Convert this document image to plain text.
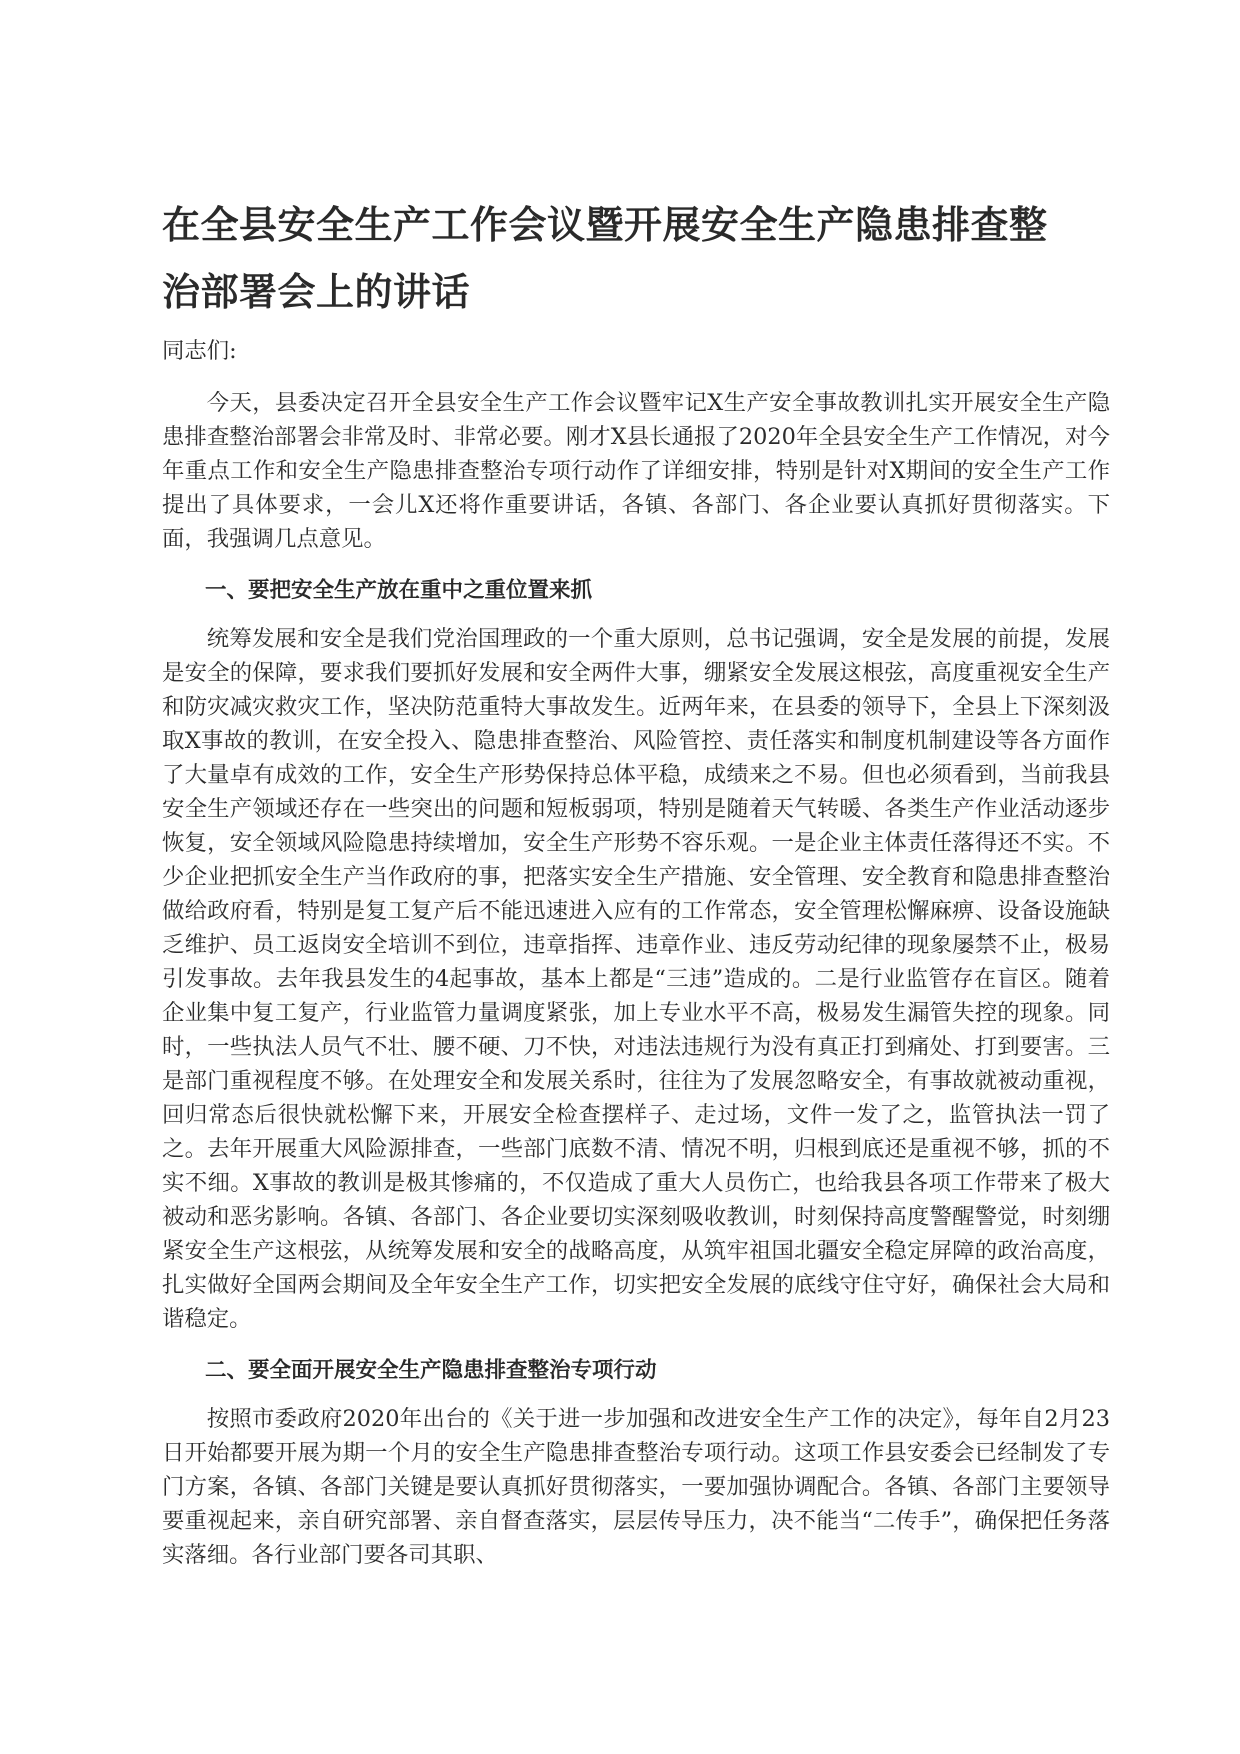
在全县安全生产工作会议暨开展安全生产隐患排查整治部署会上的讲话

同志们:

今天，县委决定召开全县安全生产工作会议暨牢记X生产安全事故教训扎实开展安全生产隐患排查整治部署会非常及时、非常必要。刚才X县长通报了2020年全县安全生产工作情况，对今年重点工作和安全生产隐患排查整治专项行动作了详细安排，特别是针对X期间的安全生产工作提出了具体要求，一会儿X还将作重要讲话，各镇、各部门、各企业要认真抓好贯彻落实。下面，我强调几点意见。

一、要把安全生产放在重中之重位置来抓

统筹发展和安全是我们党治国理政的一个重大原则，总书记强调，安全是发展的前提，发展是安全的保障，要求我们要抓好发展和安全两件大事，绷紧安全发展这根弦，高度重视安全生产和防灾减灾救灾工作，坚决防范重特大事故发生。近两年来，在县委的领导下，全县上下深刻汲取X事故的教训，在安全投入、隐患排查整治、风险管控、责任落实和制度机制建设等各方面作了大量卓有成效的工作，安全生产形势保持总体平稳，成绩来之不易。但也必须看到，当前我县安全生产领域还存在一些突出的问题和短板弱项，特别是随着天气转暖、各类生产作业活动逐步恢复，安全领域风险隐患持续增加，安全生产形势不容乐观。一是企业主体责任落得还不实。不少企业把抓安全生产当作政府的事，把落实安全生产措施、安全管理、安全教育和隐患排查整治做给政府看，特别是复工复产后不能迅速进入应有的工作常态，安全管理松懈麻痹、设备设施缺乏维护、员工返岗安全培训不到位，违章指挥、违章作业、违反劳动纪律的现象屡禁不止，极易引发事故。去年我县发生的4起事故，基本上都是“三违”造成的。二是行业监管存在盲区。随着企业集中复工复产，行业监管力量调度紧张，加上专业水平不高，极易发生漏管失控的现象。同时，一些执法人员气不壮、腰不硬、刀不快，对违法违规行为没有真正打到痛处、打到要害。三是部门重视程度不够。在处理安全和发展关系时，往往为了发展忽略安全，有事故就被动重视，回归常态后很快就松懈下来，开展安全检查摆样子、走过场，文件一发了之，监管执法一罚了之。去年开展重大风险源排查，一些部门底数不清、情况不明，归根到底还是重视不够，抓的不实不细。X事故的教训是极其惨痛的，不仅造成了重大人员伤亡，也给我县各项工作带来了极大被动和恶劣影响。各镇、各部门、各企业要切实深刻吸收教训，时刻保持高度警醒警觉，时刻绷紧安全生产这根弦，从统筹发展和安全的战略高度，从筑牢祖国北疆安全稳定屏障的政治高度，扎实做好全国两会期间及全年安全生产工作，切实把安全发展的底线守住守好，确保社会大局和谐稳定。

二、要全面开展安全生产隐患排查整治专项行动

按照市委政府2020年出台的《关于进一步加强和改进安全生产工作的决定》，每年自2月23日开始都要开展为期一个月的安全生产隐患排查整治专项行动。这项工作县安委会已经制发了专门方案，各镇、各部门关键是要认真抓好贯彻落实，一要加强协调配合。各镇、各部门主要领导要重视起来，亲自研究部署、亲自督查落实，层层传导压力，决不能当“二传手”，确保把任务落实落细。各行业部门要各司其职、
